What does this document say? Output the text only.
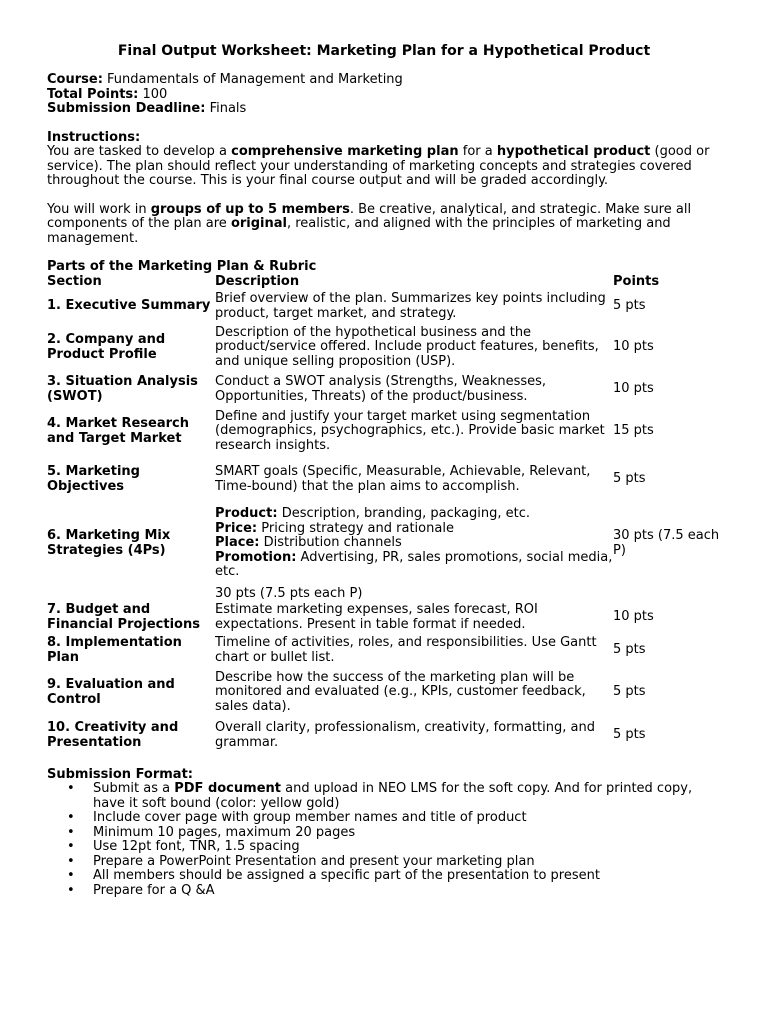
Final Output Worksheet: Marketing Plan for a Hypothetical Product

Course: Fundamentals of Management and Marketing

Total Points: 100

Submission Deadline: Finals

Instructions:

You are tasked to develop a comprehensive marketing plan for a hypothetical product (good or service). The plan should reflect your understanding of marketing concepts and strategies covered throughout the course. This is your final course output and will be graded accordingly.

You will work in groups of up to 5 members. Be creative, analytical, and strategic. Make sure all components of the plan are original, realistic, and aligned with the principles of marketing and management.

Parts of the Marketing Plan & Rubric

Section	Description	Points
1. Executive Summary	Brief overview of the plan. Summarizes key points including product, target market, and strategy.	5 pts
2. Company and Product Profile	Description of the hypothetical business and the product/service offered. Include product features, benefits, and unique selling proposition (USP).	10 pts
3. Situation Analysis (SWOT)	Conduct a SWOT analysis (Strengths, Weaknesses, Opportunities, Threats) of the product/business.	10 pts
4. Market Research and Target Market	Define and justify your target market using segmentation (demographics, psychographics, etc.). Provide basic market research insights.	15 pts
5. Marketing Objectives	SMART goals (Specific, Measurable, Achievable, Relevant, Time-bound) that the plan aims to accomplish.	5 pts
6. Marketing Mix Strategies (4Ps)	Product: Description, branding, packaging, etc.
Price: Pricing strategy and rationale
Place: Distribution channels
Promotion: Advertising, PR, sales promotions, social media, etc.	30 pts (7.5 each P)
	30 pts (7.5 pts each P)	
7. Budget and Financial Projections	Estimate marketing expenses, sales forecast, ROI expectations. Present in table format if needed.	10 pts
8. Implementation Plan	Timeline of activities, roles, and responsibilities. Use Gantt chart or bullet list.	5 pts
9. Evaluation and Control	Describe how the success of the marketing plan will be monitored and evaluated (e.g., KPIs, customer feedback, sales data).	5 pts
10. Creativity and Presentation	Overall clarity, professionalism, creativity, formatting, and grammar.	5 pts

Submission Format:

• Submit as a PDF document and upload in NEO LMS for the soft copy. And for printed copy, have it soft bound (color: yellow gold)
• Include cover page with group member names and title of product
• Minimum 10 pages, maximum 20 pages
• Use 12pt font, TNR, 1.5 spacing
• Prepare a PowerPoint Presentation and present your marketing plan
• All members should be assigned a specific part of the presentation to present
• Prepare for a Q &A
